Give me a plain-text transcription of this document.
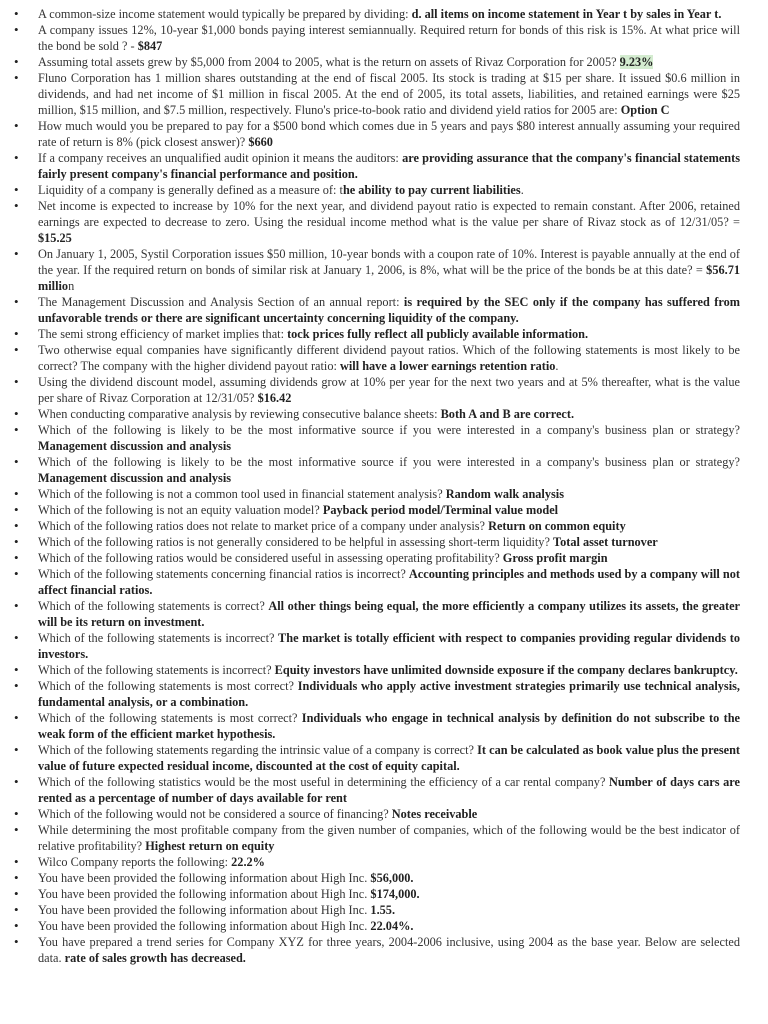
• A common-size income statement would typically be prepared by dividing: d. all items on income statement in Year t by sales in Year t.
• A company issues 12%, 10-year $1,000 bonds paying interest semiannually. Required return for bonds of this risk is 15%. At what price will the bond be sold ? - $847
• Assuming total assets grew by $5,000 from 2004 to 2005, what is the return on assets of Rivaz Corporation for 2005? 9.23%
• Fluno Corporation has 1 million shares outstanding at the end of fiscal 2005. Its stock is trading at $15 per share. It issued $0.6 million in dividends, and had net income of $1 million in fiscal 2005. At the end of 2005, its total assets, liabilities, and retained earnings were $25 million, $15 million, and $7.5 million, respectively. Fluno's price-to-book ratio and dividend yield ratios for 2005 are: Option C
• How much would you be prepared to pay for a $500 bond which comes due in 5 years and pays $80 interest annually assuming your required rate of return is 8% (pick closest answer)? $660
• If a company receives an unqualified audit opinion it means the auditors: are providing assurance that the company's financial statements fairly present company's financial performance and position.
• Liquidity of a company is generally defined as a measure of: the ability to pay current liabilities.
• Net income is expected to increase by 10% for the next year, and dividend payout ratio is expected to remain constant. After 2006, retained earnings are expected to decrease to zero. Using the residual income method what is the value per share of Rivaz stock as of 12/31/05? = $15.25
• On January 1, 2005, Systil Corporation issues $50 million, 10-year bonds with a coupon rate of 10%. Interest is payable annually at the end of the year. If the required return on bonds of similar risk at January 1, 2006, is 8%, what will be the price of the bonds be at this date? = $56.71 million
• The Management Discussion and Analysis Section of an annual report: is required by the SEC only if the company has suffered from unfavorable trends or there are significant uncertainty concerning liquidity of the company.
• The semi strong efficiency of market implies that: tock prices fully reflect all publicly available information.
• Two otherwise equal companies have significantly different dividend payout ratios. Which of the following statements is most likely to be correct? The company with the higher dividend payout ratio: will have a lower earnings retention ratio.
• Using the dividend discount model, assuming dividends grow at 10% per year for the next two years and at 5% thereafter, what is the value per share of Rivaz Corporation at 12/31/05? $16.42
• When conducting comparative analysis by reviewing consecutive balance sheets: Both A and B are correct.
• Which of the following is likely to be the most informative source if you were interested in a company's business plan or strategy? Management discussion and analysis
• Which of the following is likely to be the most informative source if you were interested in a company's business plan or strategy? Management discussion and analysis
• Which of the following is not a common tool used in financial statement analysis? Random walk analysis
• Which of the following is not an equity valuation model? Payback period model/Terminal value model
• Which of the following ratios does not relate to market price of a company under analysis? Return on common equity
• Which of the following ratios is not generally considered to be helpful in assessing short-term liquidity? Total asset turnover
• Which of the following ratios would be considered useful in assessing operating profitability? Gross profit margin
• Which of the following statements concerning financial ratios is incorrect? Accounting principles and methods used by a company will not affect financial ratios.
• Which of the following statements is correct? All other things being equal, the more efficiently a company utilizes its assets, the greater will be its return on investment.
• Which of the following statements is incorrect? The market is totally efficient with respect to companies providing regular dividends to investors.
• Which of the following statements is incorrect? Equity investors have unlimited downside exposure if the company declares bankruptcy.
• Which of the following statements is most correct? Individuals who apply active investment strategies primarily use technical analysis, fundamental analysis, or a combination.
• Which of the following statements is most correct? Individuals who engage in technical analysis by definition do not subscribe to the weak form of the efficient market hypothesis.
• Which of the following statements regarding the intrinsic value of a company is correct? It can be calculated as book value plus the present value of future expected residual income, discounted at the cost of equity capital.
• Which of the following statistics would be the most useful in determining the efficiency of a car rental company? Number of days cars are rented as a percentage of number of days available for rent
• Which of the following would not be considered a source of financing? Notes receivable
• While determining the most profitable company from the given number of companies, which of the following would be the best indicator of relative profitability? Highest return on equity
• Wilco Company reports the following: 22.2%
• You have been provided the following information about High Inc. $56,000.
• You have been provided the following information about High Inc. $174,000.
• You have been provided the following information about High Inc. 1.55.
• You have been provided the following information about High Inc. 22.04%.
• You have prepared a trend series for Company XYZ for three years, 2004-2006 inclusive, using 2004 as the base year. Below are selected data. rate of sales growth has decreased.
